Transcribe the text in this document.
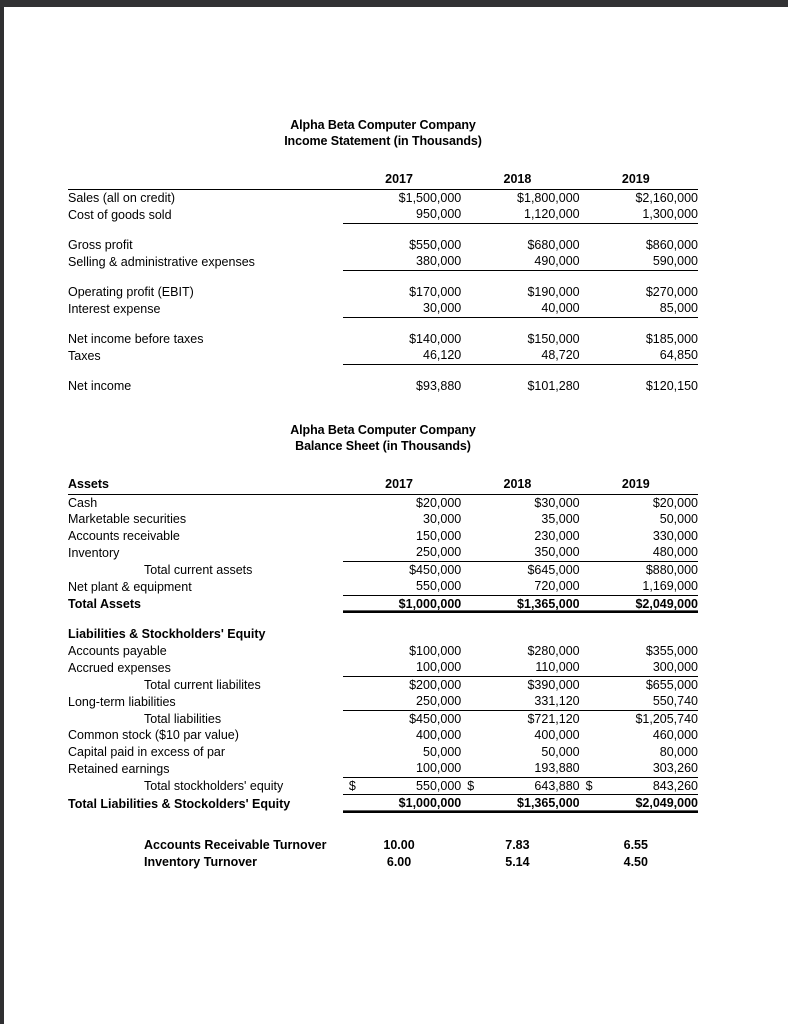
Alpha Beta Computer Company
Income Statement (in Thousands)
	2017	2018	2019
Sales (all on credit)	$1,500,000	$1,800,000	$2,160,000
Cost of goods sold	950,000	1,120,000	1,300,000

Gross profit	$550,000	$680,000	$860,000
Selling & administrative expenses	380,000	490,000	590,000

Operating profit (EBIT)	$170,000	$190,000	$270,000
Interest expense	30,000	40,000	85,000

Net income before taxes	$140,000	$150,000	$185,000
Taxes	46,120	48,720	64,850

Net income	$93,880	$101,280	$120,150
Alpha Beta Computer Company
Balance Sheet (in Thousands)
Assets	2017	2018	2019
Cash	$20,000	$30,000	$20,000
Marketable securities	30,000	35,000	50,000
Accounts receivable	150,000	230,000	330,000
Inventory	250,000	350,000	480,000
Total current assets	$450,000	$645,000	$880,000
Net plant & equipment	550,000	720,000	1,169,000
Total Assets	$1,000,000	$1,365,000	$2,049,000

Liabilities & Stockholders' Equity			
Accounts payable	$100,000	$280,000	$355,000
Accrued expenses	100,000	110,000	300,000
Total current liabilites	$200,000	$390,000	$655,000
Long-term liabilities	250,000	331,120	550,740
Total liabilities	$450,000	$721,120	$1,205,740
Common stock ($10 par value)	400,000	400,000	460,000
Capital paid in excess of par	50,000	50,000	80,000
Retained earnings	100,000	193,880	303,260
Total stockholders' equity	$ 550,000	$ 643,880	$ 843,260
Total Liabilities & Stockolders' Equity	$1,000,000	$1,365,000	$2,049,000
Accounts Receivable Turnover	10.00	7.83	6.55
Inventory Turnover	6.00	5.14	4.50
